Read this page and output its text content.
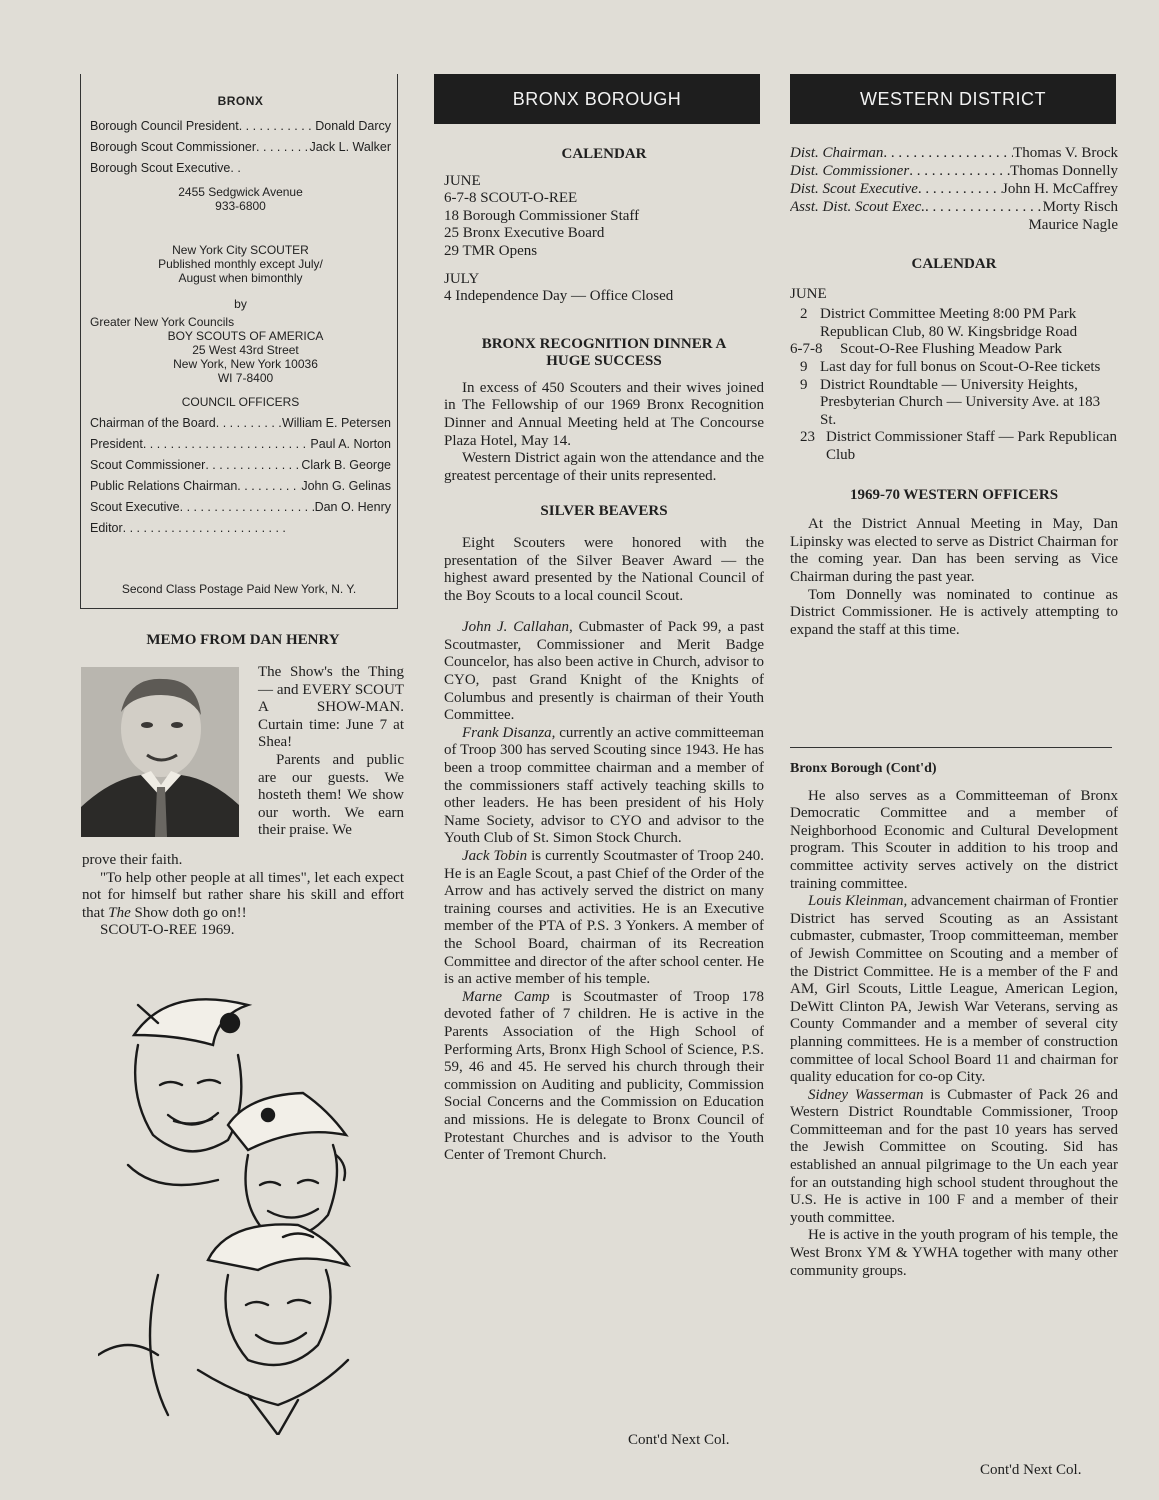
BRONX
Borough Council President . . .	Donald Darcy
Borough Scout Commissioner . . .	Jack L. Walker
Borough Scout Executive
. . .
2455 Sedgwick Avenue
933-6800
New York City SCOUTER
Published monthly except July/
August when bimonthly
by
Greater New York Councils
BOY SCOUTS OF AMERICA
25 West 43rd Street
New York, New York 10036
WI 7-8400
COUNCIL OFFICERS
Chairman of the Board . . .	William E. Petersen
President . . .	Paul A. Norton
Scout Commissioner . . .	Clark B. George
Public Relations Chairman . . .	John G. Gelinas
Scout Executive . . .	Dan O. Henry
Editor
. . .
Second Class Postage Paid New York, N. Y.

MEMO FROM DAN HENRY

The Show's the Thing — and EVERY SCOUT A SHOW-MAN. Curtain time: June 7 at Shea!

Parents and public are our guests. We hosteth them! We show our worth. We earn their praise. We

prove their faith.

"To help other people at all times", let each expect not for himself but rather share his skill and effort that The Show doth go on!!

SCOUT-O-REE 1969.

BRONX BOROUGH

CALENDAR

JUNE

6-7-8 SCOUT-O-REE

18 Borough Commissioner Staff

25 Bronx Executive Board

29 TMR Opens

JULY

4 Independence Day — Office Closed

BRONX RECOGNITION DINNER A HUGE SUCCESS

In excess of 450 Scouters and their wives joined in The Fellowship of our 1969 Bronx Recognition Dinner and Annual Meeting held at The Concourse Plaza Hotel, May 14.

Western District again won the attendance and the greatest percentage of their units represented.

SILVER BEAVERS

Eight Scouters were honored with the presentation of the Silver Beaver Award — the highest award presented by the National Council of the Boy Scouts to a local council Scout.

John J. Callahan, Cubmaster of Pack 99, a past Scoutmaster, Commissioner and Merit Badge Councelor, has also been active in Church, advisor to CYO, past Grand Knight of the Knights of Columbus and presently is chairman of their Youth Committee.

Frank Disanza, currently an active committeeman of Troop 300 has served Scouting since 1943. He has been a troop committee chairman and a member of the commissioners staff actively teaching skills to other leaders. He has been president of his Holy Name Society, advisor to CYO and advisor to the Youth Club of St. Simon Stock Church.

Jack Tobin is currently Scoutmaster of Troop 240. He is an Eagle Scout, a past Chief of the Order of the Arrow and has actively served the district on many training courses and activities. He is an Executive member of the PTA of P.S. 3 Yonkers. A member of the School Board, chairman of its Recreation Committee and director of the after school center. He is an active member of his temple.

Marne Camp is Scoutmaster of Troop 178 devoted father of 7 children. He is active in the Parents Association of the High School of Performing Arts, Bronx High School of Science, P.S. 59, 46 and 45. He served his church through their commission on Auditing and publicity, Commission Social Concerns and the Commission on Education and missions. He is delegate to Bronx Council of Protestant Churches and is advisor to the Youth Center of Tremont Church.

Cont'd Next Col.
WESTERN DISTRICT
Dist. Chairman . . .	Thomas V. Brock
Dist. Commissioner . . .	Thomas Donnelly
Dist. Scout Executive . . .	John H. McCaffrey
Asst. Dist. Scout Exec. . . .	Morty Risch
Maurice Nagle

CALENDAR

JUNE

2 District Committee Meeting 8:00 PM Park Republican Club, 80 W. Kingsbridge Road
6-7-8	Scout-O-Ree Flushing Meadow Park
9 Last day for full bonus on Scout-O-Ree tickets
9 District Roundtable — University Heights, Presbyterian Church — University Ave. at 183 St.
23 District Commissioner Staff — Park Republican Club

1969-70 WESTERN OFFICERS

At the District Annual Meeting in May, Dan Lipinsky was elected to serve as District Chairman for the coming year. Dan has been serving as Vice Chairman during the past year.

Tom Donnelly was nominated to continue as District Commissioner. He is actively attempting to expand the staff at this time.

Bronx Borough (Cont'd)

He also serves as a Committeeman of Bronx Democratic Committee and a member of Neighborhood Economic and Cultural Development program. This Scouter in addition to his troop and committee activity serves actively on the district training committee.

Louis Kleinman, advancement chairman of Frontier District has served Scouting as an Assistant cubmaster, cubmaster, Troop committeeman, member of Jewish Committee on Scouting and a member of the District Committee. He is a member of the F and AM, Girl Scouts, Little League, American Legion, DeWitt Clinton PA, Jewish War Veterans, serving as County Commander and a member of several city planning committees. He is a member of construction committee of local School Board 11 and chairman for quality education for co-op City.

Sidney Wasserman is Cubmaster of Pack 26 and Western District Roundtable Commissioner, Troop Committeeman and for the past 10 years has served the Jewish Committee on Scouting. Sid has established an annual pilgrimage to the Un each year for an outstanding high school student throughout the U.S. He is active in 100 F and a member of their youth committee.

He is active in the youth program of his temple, the West Bronx YM & YWHA together with many other community groups.

Cont'd Next Col.
